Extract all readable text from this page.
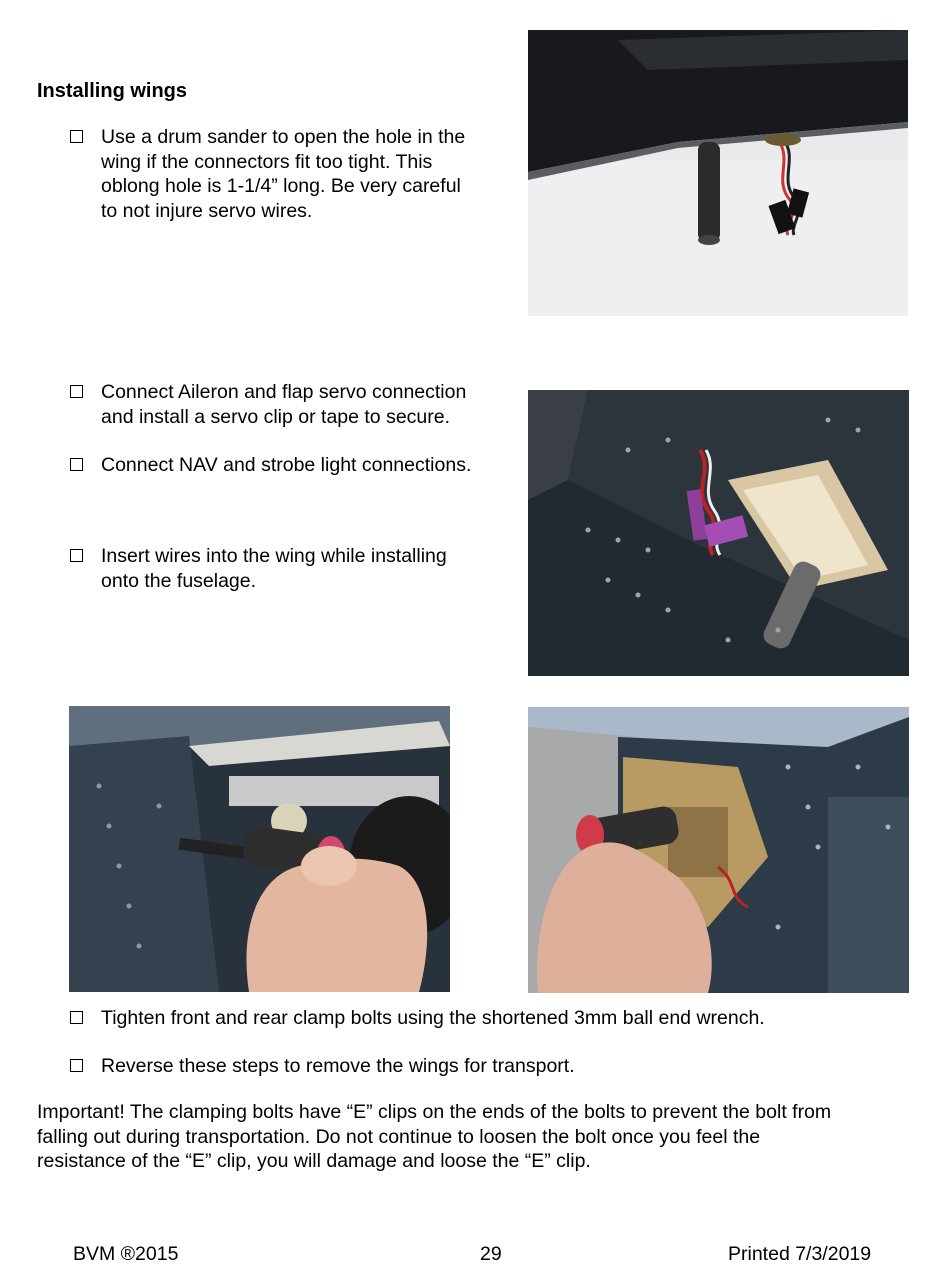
Installing wings
Use a drum sander to open the hole in the
wing if the connectors fit too tight. This
oblong hole is 1-1/4” long. Be very careful
to not injure servo wires.
Connect Aileron and flap servo connection
and install a servo clip or tape to secure.
Connect NAV and strobe light connections.
Insert wires into the wing while installing
onto the fuselage.
Tighten front and rear clamp bolts using the shortened 3mm ball end wrench.
Reverse these steps to remove the wings for transport.
Important! The clamping bolts have “E” clips on the ends of the bolts to prevent the bolt from
falling out during transportation. Do not continue to loosen the bolt once you feel the
resistance of the “E” clip, you will damage and loose the “E” clip.
BVM ®2015	29	Printed 7/3/2019
